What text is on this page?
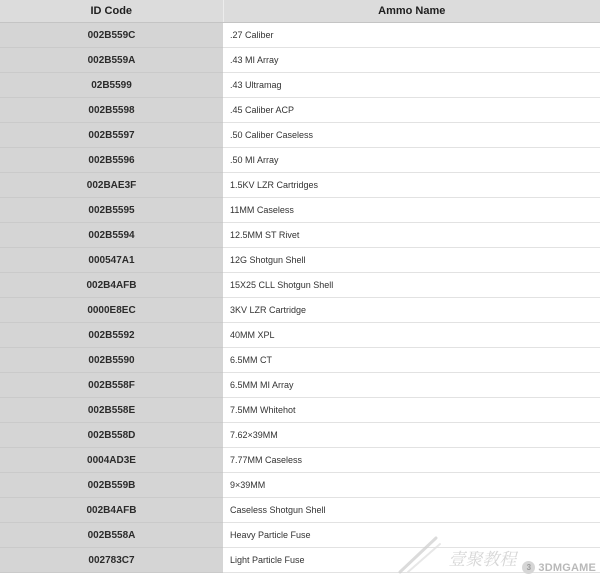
ID Code	Ammo Name
002B559C	.27 Caliber
002B559A	.43 MI Array
02B5599	.43 Ultramag
002B5598	.45 Caliber ACP
002B5597	.50 Caliber Caseless
002B5596	.50 MI Array
002BAE3F	1.5KV LZR Cartridges
002B5595	11MM Caseless
002B5594	12.5MM ST Rivet
000547A1	12G Shotgun Shell
002B4AFB	15X25 CLL Shotgun Shell
0000E8EC	3KV LZR Cartridge
002B5592	40MM XPL
002B5590	6.5MM CT
002B558F	6.5MM MI Array
002B558E	7.5MM Whitehot
002B558D	7.62×39MM
0004AD3E	7.77MM Caseless
002B559B	9×39MM
002B4AFB	Caseless Shotgun Shell
002B558A	Heavy Particle Fuse
002783C7	Light Particle Fuse	壹聚教程	3 3DMGAME
